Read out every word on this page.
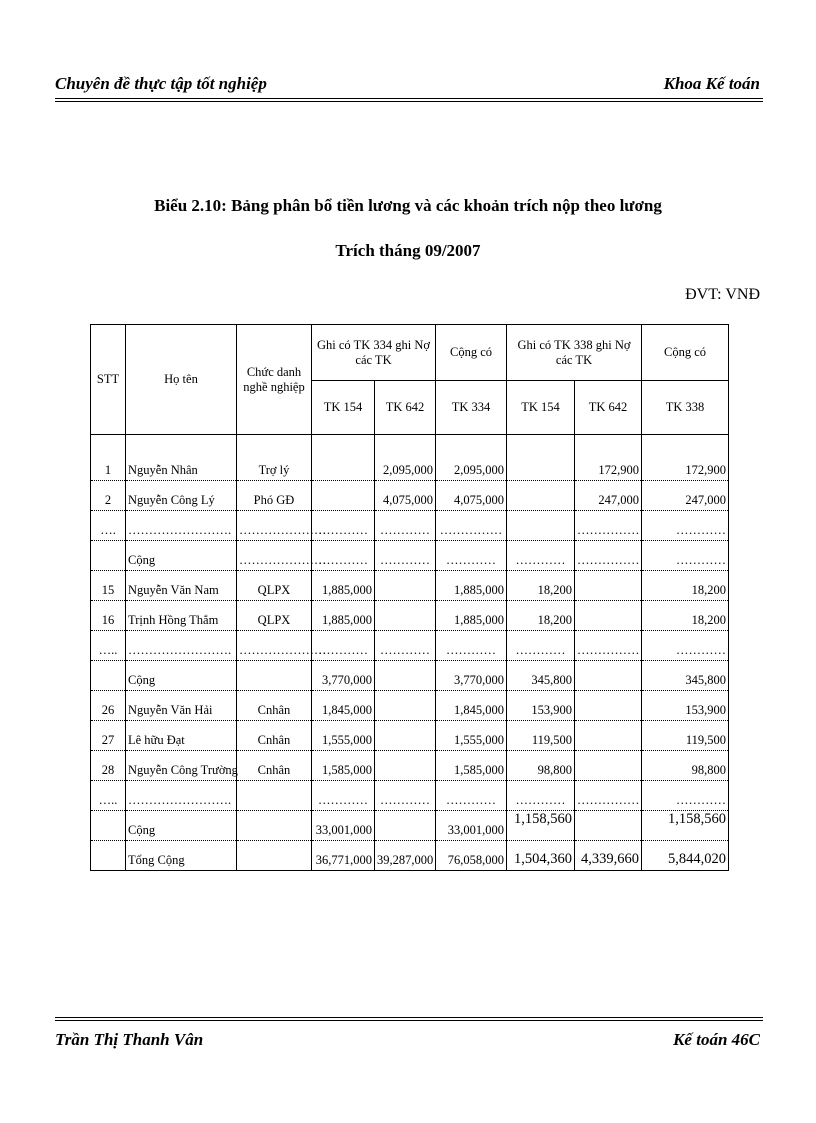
Chuyên đề thực tập tốt nghiệp	Khoa Kế toán
Biểu 2.10: Bảng phân bổ tiền lương và các khoản trích nộp theo lương
Trích tháng 09/2007
ĐVT: VNĐ
STT	Họ tên	Chức danh nghề nghiệp	Ghi có TK 334 ghi Nợ các TK		Cộng có	Ghi có TK 338 ghi Nợ các TK		Cộng có
			TK 154	TK 642	TK 334	TK 154	TK 642	TK 338

1	Nguyễn Nhân	Trợ lý		2,095,000	2,095,000		172,900	172,900
2	Nguyễn Công Lý	Phó GĐ		4,075,000	4,075,000		247,000	247,000
….	…………………….	…………………	…………	…………	……………		……………	…………
	Cộng	…………………	…………	…………	…………	…………	……………	…………
15	Nguyễn Văn Nam	QLPX	1,885,000		1,885,000	18,200		18,200
16	Trịnh Hồng Thắm	QLPX	1,885,000		1,885,000	18,200		18,200
…..	…………………….	…………………	…………	…………	…………	…………	……………	…………
	Cộng		3,770,000		3,770,000	345,800		345,800
26	Nguyễn Văn Hải	Cnhân	1,845,000		1,845,000	153,900		153,900
27	Lê hữu Đạt	Cnhân	1,555,000		1,555,000	119,500		119,500
28	Nguyễn Công Trường	Cnhân	1,585,000		1,585,000	98,800		98,800
…..	…………………….		…………	…………	…………	…………	……………	…………
	Cộng		33,001,000		33,001,000	1,158,560		1,158,560
	Tổng Cộng		36,771,000	39,287,000	76,058,000	1,504,360	4,339,660	5,844,020
Trần Thị Thanh Vân	Kế toán 46C
